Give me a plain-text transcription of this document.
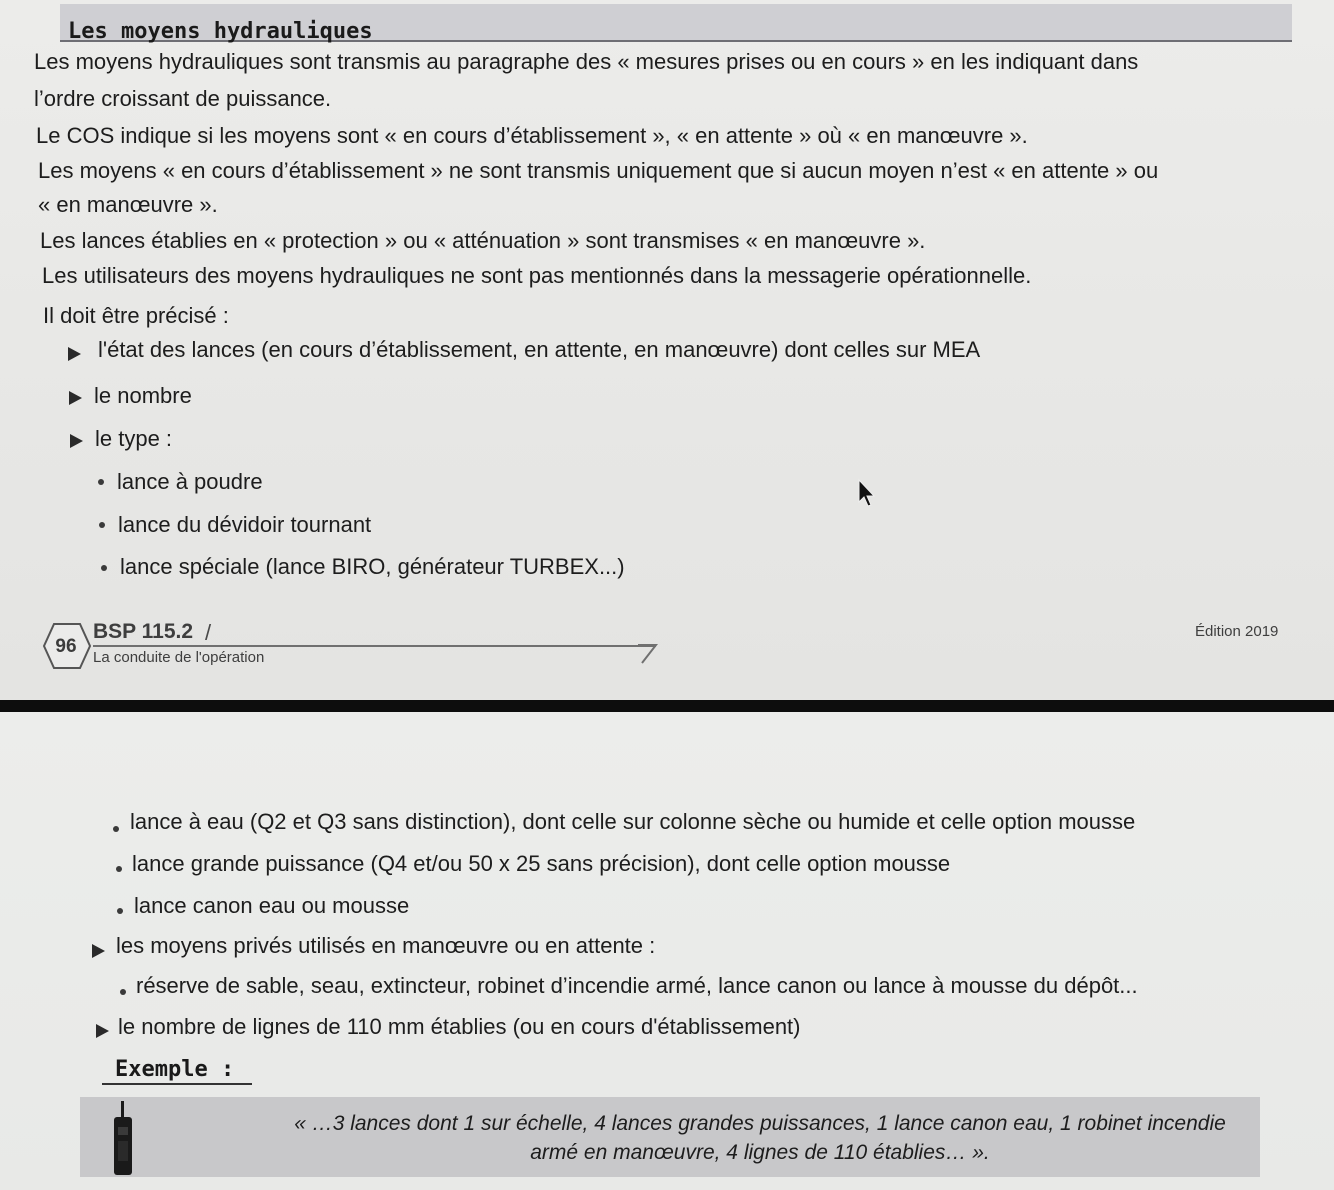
Les moyens hydrauliques
Les moyens hydrauliques sont transmis au paragraphe des « mesures prises ou en cours » en les indiquant dans
l’ordre croissant de puissance.
Le COS indique si les moyens sont « en cours d’établissement », « en attente » où « en manœuvre ».
Les moyens « en cours d’établissement » ne sont transmis uniquement que si aucun moyen n’est « en attente » ou
« en manœuvre ».
Les lances établies en « protection » ou « atténuation » sont transmises « en manœuvre ».
Les utilisateurs des moyens hydrauliques ne sont pas mentionnés dans la messagerie opérationnelle.
Il doit être précisé :
l'état des lances (en cours d’établissement, en attente, en manœuvre) dont celles sur MEA
le nombre
le type :
lance à poudre
lance du dévidoir tournant
lance spéciale (lance BIRO, générateur TURBEX...)
96
BSP 115.2 /
La conduite de l'opération
Édition 2019
lance à eau (Q2 et Q3 sans distinction), dont celle sur colonne sèche ou humide et celle option mousse
lance grande puissance (Q4 et/ou 50 x 25 sans précision), dont celle option mousse
lance canon eau ou mousse
les moyens privés utilisés en manœuvre ou en attente :
réserve de sable, seau, extincteur, robinet d’incendie armé, lance canon ou lance à mousse du dépôt...
le nombre de lignes de 110 mm établies (ou en cours d'établissement)
Exemple :
« …3 lances dont 1 sur échelle, 4 lances grandes puissances, 1 lance canon eau, 1 robinet incendie
armé en manœuvre, 4 lignes de 110 établies… ».
